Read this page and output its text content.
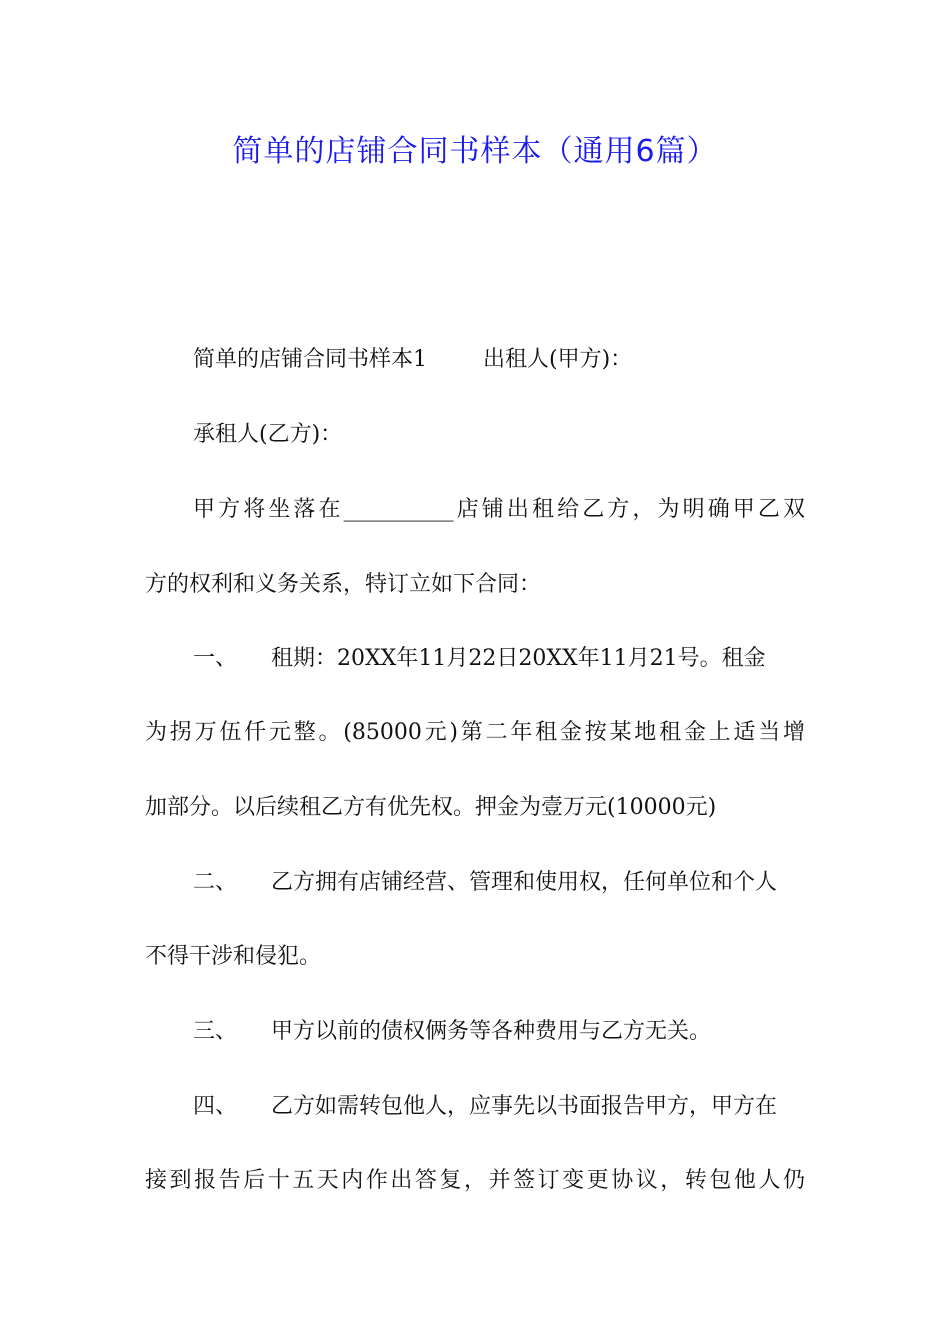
简单的店铺合同书样本（通用6篇）
简单的店铺合同书样本1	出租人(甲方)：
承租人(乙方)：
甲方将坐落在__________店铺出租给乙方，为明确甲乙双
方的权利和义务关系，特订立如下合同：
一、 租期：20XX年11月22日20XX年11月21号。租金
为拐万伍仟元整。(85000元)第二年租金按某地租金上适当增
加部分。以后续租乙方有优先权。押金为壹万元(10000元)
二、 乙方拥有店铺经营、管理和使用权，任何单位和个人
不得干涉和侵犯。
三、 甲方以前的债权俩务等各种费用与乙方无关。
四、 乙方如需转包他人，应事先以书面报告甲方，甲方在
接到报告后十五天内作出答复，并签订变更协议，转包他人仍
